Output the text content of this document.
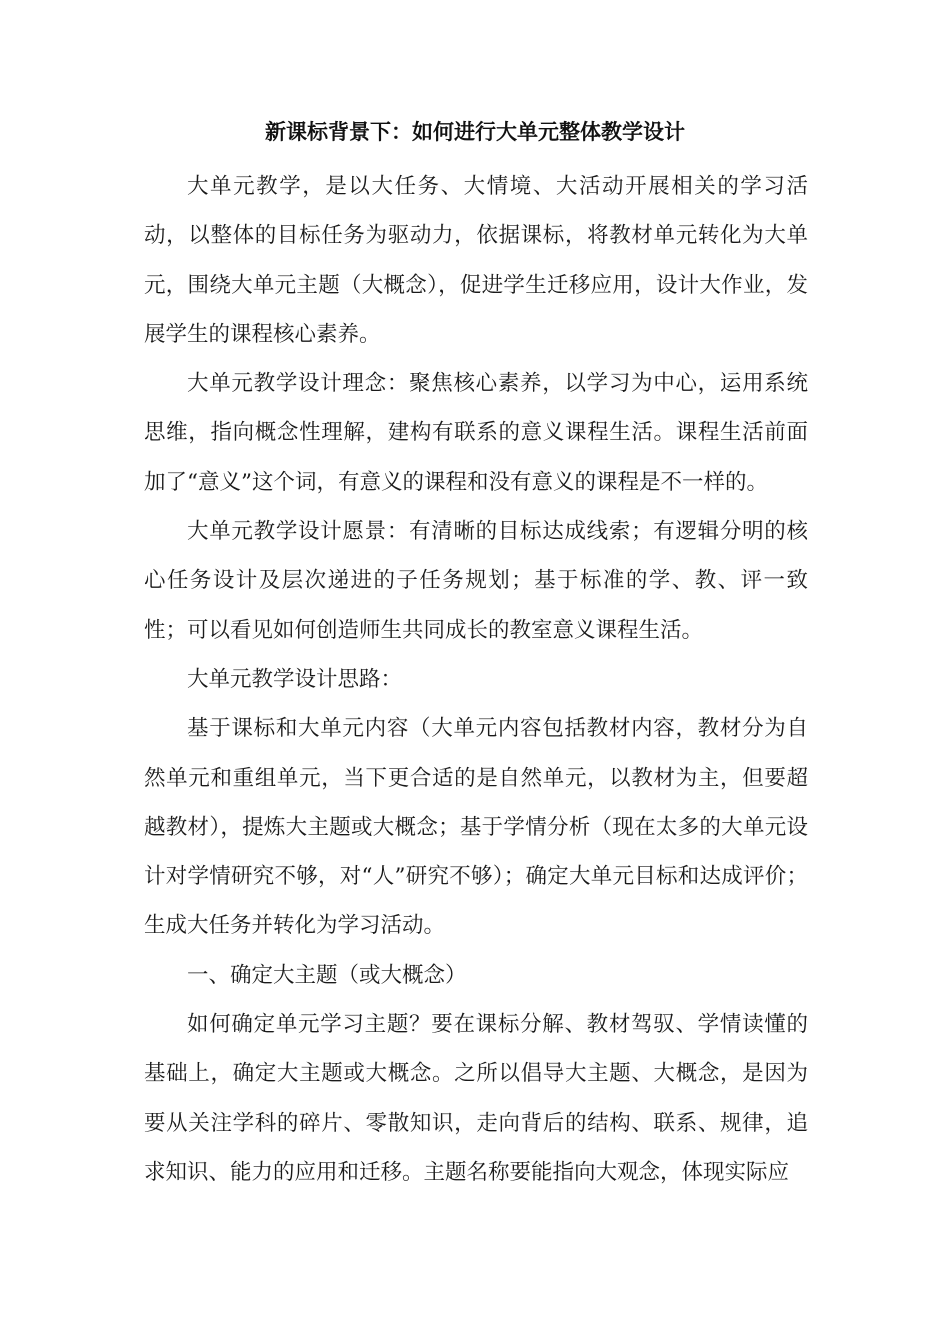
新课标背景下：如何进行大单元整体教学设计

大单元教学，是以大任务、大情境、大活动开展相关的学习活动，以整体的目标任务为驱动力，依据课标，将教材单元转化为大单元，围绕大单元主题（大概念），促进学生迁移应用，设计大作业，发展学生的课程核心素养。

大单元教学设计理念：聚焦核心素养，以学习为中心，运用系统思维，指向概念性理解，建构有联系的意义课程生活。课程生活前面加了“意义”这个词，有意义的课程和没有意义的课程是不一样的。

大单元教学设计愿景：有清晰的目标达成线索；有逻辑分明的核心任务设计及层次递进的子任务规划；基于标准的学、教、评一致性；可以看见如何创造师生共同成长的教室意义课程生活。

大单元教学设计思路：

基于课标和大单元内容（大单元内容包括教材内容，教材分为自然单元和重组单元，当下更合适的是自然单元，以教材为主，但要超越教材），提炼大主题或大概念；基于学情分析（现在太多的大单元设计对学情研究不够，对“人”研究不够）；确定大单元目标和达成评价；生成大任务并转化为学习活动。

一、确定大主题（或大概念）

如何确定单元学习主题？要在课标分解、教材驾驭、学情读懂的基础上，确定大主题或大概念。之所以倡导大主题、大概念，是因为要从关注学科的碎片、零散知识，走向背后的结构、联系、规律，追求知识、能力的应用和迁移。主题名称要能指向大观念，体现实际应
